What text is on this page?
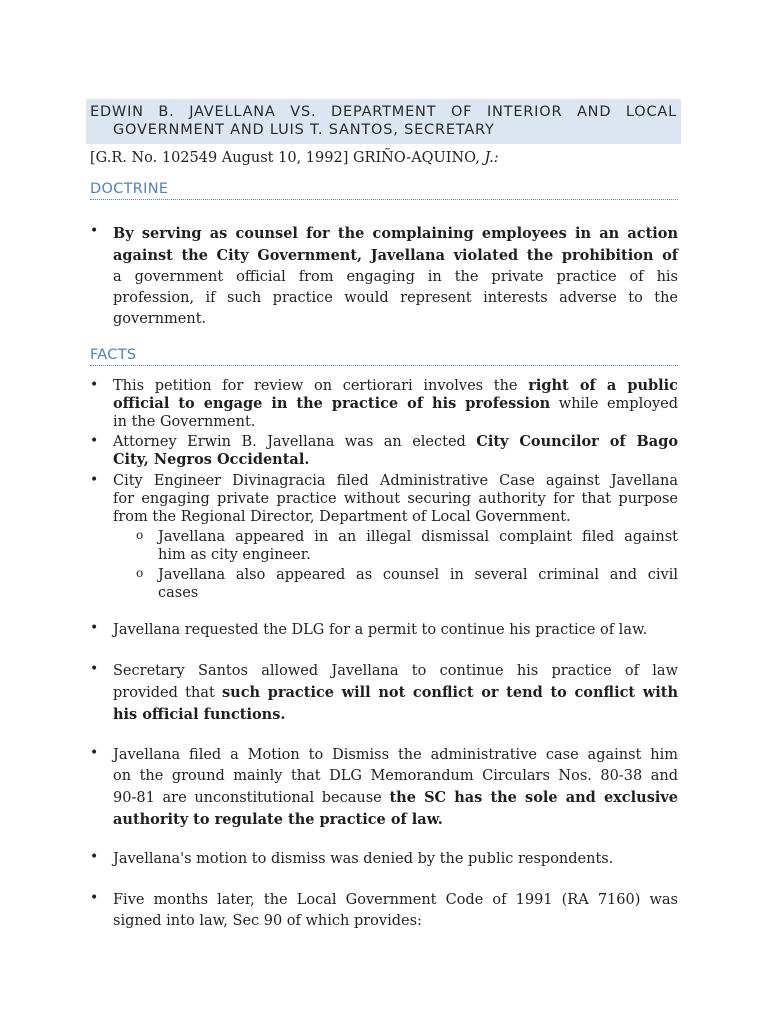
EDWIN B. JAVELLANA VS. DEPARTMENT OF INTERIOR AND LOCAL
GOVERNMENT AND LUIS T. SANTOS, SECRETARY
[G.R. No. 102549 August 10, 1992] GRIÑO-AQUINO, J.:
DOCTRINE
• By serving as counsel for the complaining employees in an action
against the City Government, Javellana violated the prohibition of
a government official from engaging in the private practice of his
profession, if such practice would represent interests adverse to the
government.
FACTS
• This petition for review on certiorari involves the right of a public
official to engage in the practice of his profession while employed
in the Government.
• Attorney Erwin B. Javellana was an elected City Councilor of Bago
City, Negros Occidental.
• City Engineer Divinagracia filed Administrative Case against Javellana
for engaging private practice without securing authority for that purpose
from the Regional Director, Department of Local Government.
o Javellana appeared in an illegal dismissal complaint filed against
him as city engineer.
o Javellana also appeared as counsel in several criminal and civil
cases
• Javellana requested the DLG for a permit to continue his practice of law.
• Secretary Santos allowed Javellana to continue his practice of law
provided that such practice will not conflict or tend to conflict with
his official functions.
• Javellana filed a Motion to Dismiss the administrative case against him
on the ground mainly that DLG Memorandum Circulars Nos. 80-38 and
90-81 are unconstitutional because the SC has the sole and exclusive
authority to regulate the practice of law.
• Javellana's motion to dismiss was denied by the public respondents.
• Five months later, the Local Government Code of 1991 (RA 7160) was
signed into law, Sec 90 of which provides:
